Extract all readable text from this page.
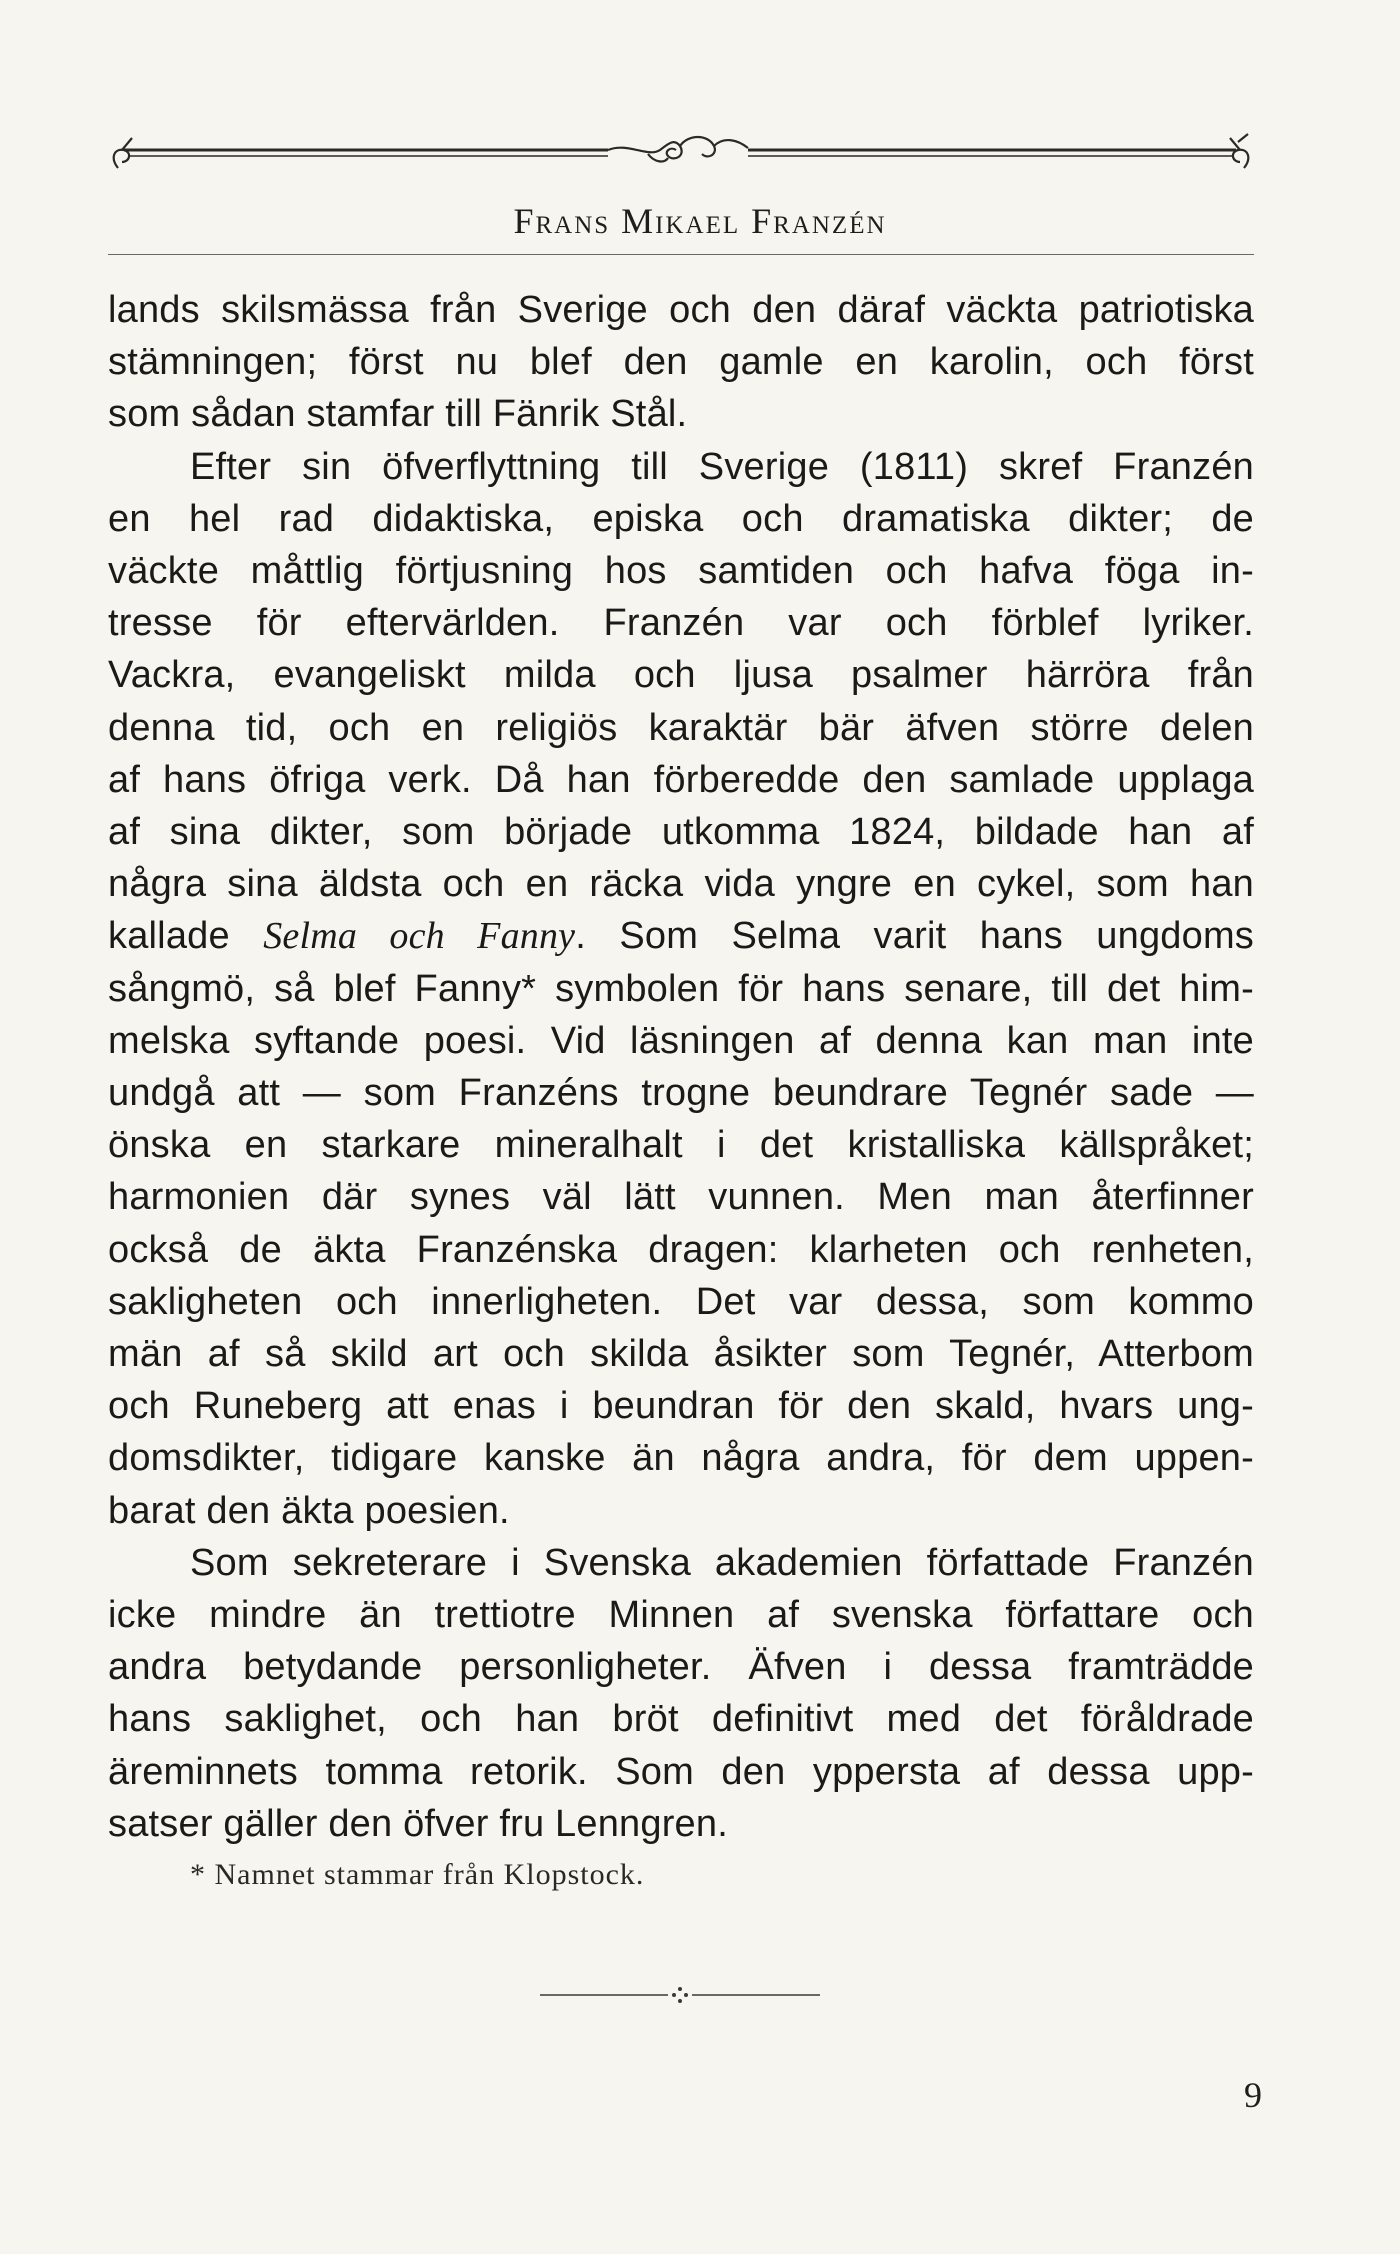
Frans Mikael Franzén
lands skilsmässa från Sverige och den däraf väckta patriotiska
stämningen; först nu blef den gamle en karolin, och först
som sådan stamfar till Fänrik Stål.
Efter sin öfverflyttning till Sverige (1811) skref Franzén
en hel rad didaktiska, episka och dramatiska dikter; de
väckte måttlig förtjusning hos samtiden och hafva föga in-
tresse för eftervärlden. Franzén var och förblef lyriker.
Vackra, evangeliskt milda och ljusa psalmer härröra från
denna tid, och en religiös karaktär bär äfven större delen
af hans öfriga verk. Då han förberedde den samlade upplaga
af sina dikter, som började utkomma 1824, bildade han af
några sina äldsta och en räcka vida yngre en cykel, som han
kallade Selma och Fanny. Som Selma varit hans ungdoms
sångmö, så blef Fanny* symbolen för hans senare, till det him-
melska syftande poesi. Vid läsningen af denna kan man inte
undgå att — som Franzéns trogne beundrare Tegnér sade —
önska en starkare mineralhalt i det kristalliska källspråket;
harmonien där synes väl lätt vunnen. Men man återfinner
också de äkta Franzénska dragen: klarheten och renheten,
sakligheten och innerligheten. Det var dessa, som kommo
män af så skild art och skilda åsikter som Tegnér, Atterbom
och Runeberg att enas i beundran för den skald, hvars ung-
domsdikter, tidigare kanske än några andra, för dem uppen-
barat den äkta poesien.
Som sekreterare i Svenska akademien författade Franzén
icke mindre än trettiotre Minnen af svenska författare och
andra betydande personligheter. Äfven i dessa framträdde
hans saklighet, och han bröt definitivt med det föråldrade
äreminnets tomma retorik. Som den yppersta af dessa upp-
satser gäller den öfver fru Lenngren.
* Namnet stammar från Klopstock.
9
